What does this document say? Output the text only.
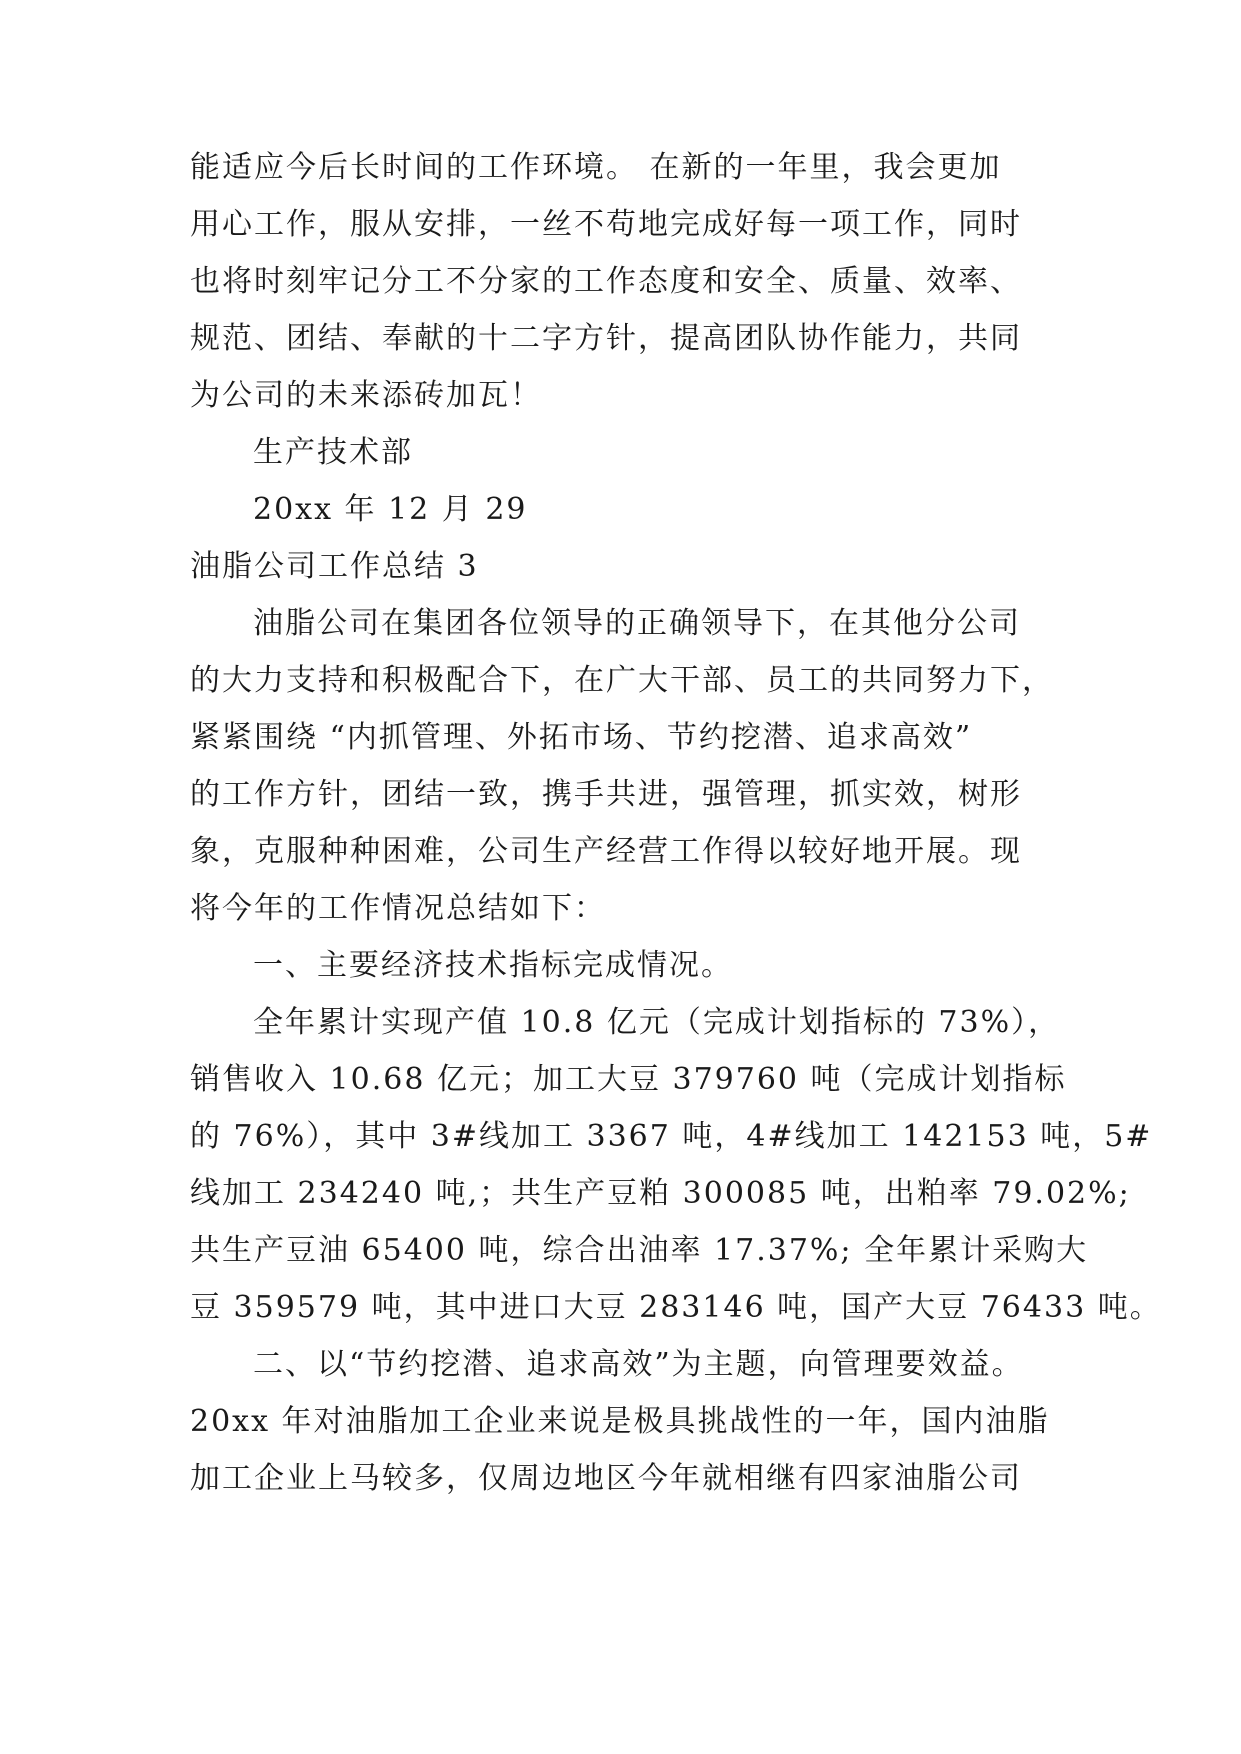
能适应今后长时间的工作环境。 在新的一年里，我会更加
用心工作，服从安排，一丝不苟地完成好每一项工作，同时
也将时刻牢记分工不分家的工作态度和安全、质量、效率、
规范、团结、奉献的十二字方针，提高团队协作能力，共同
为公司的未来添砖加瓦！
生产技术部
20xx 年 12 月 29
油脂公司工作总结 3
油脂公司在集团各位领导的正确领导下，在其他分公司
的大力支持和积极配合下，在广大干部、员工的共同努力下，
紧紧围绕 “内抓管理、外拓市场、节约挖潜、追求高效”
的工作方针，团结一致，携手共进，强管理，抓实效，树形
象，克服种种困难，公司生产经营工作得以较好地开展。现
将今年的工作情况总结如下：
一、主要经济技术指标完成情况。
全年累计实现产值 10.8 亿元（完成计划指标的 73%），
销售收入 10.68 亿元；加工大豆 379760 吨（完成计划指标
的 76%），其中 3#线加工 3367 吨，4#线加工 142153 吨，5#
线加工 234240 吨,；共生产豆粕 300085 吨，出粕率 79.02%;
共生产豆油 65400 吨，综合出油率 17.37%; 全年累计采购大
豆 359579 吨，其中进口大豆 283146 吨，国产大豆 76433 吨。
二、以“节约挖潜、追求高效”为主题，向管理要效益。
20xx 年对油脂加工企业来说是极具挑战性的一年，国内油脂
加工企业上马较多，仅周边地区今年就相继有四家油脂公司
